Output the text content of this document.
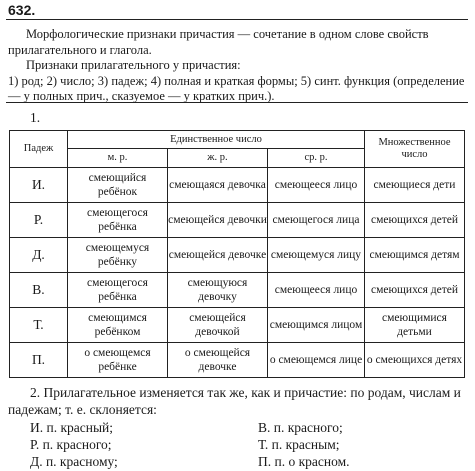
632.

Морфологические признаки причастия — сочетание в одном слове свойств прилагательного и глагола.

Признаки прилагательного у причастия:

1) род; 2) число; 3) падеж; 4) полная и краткая формы; 5) синт. функция (определение — у полных прич., сказуемое — у кратких прич.).

1.
Падеж	Единственное число			Множественное число
	м. р.	ж. р.	ср. р.	
И.	смеющийся ребёнок	смеющаяся девочка	смеющееся лицо	смеющиеся дети
Р.	смеющегося ребёнка	смеющейся девочки	смеющегося лица	смеющихся детей
Д.	смеющемуся ребёнку	смеющейся девочке	смеющемуся лицу	смеющимся детям
В.	смеющегося ребёнка	смеющуюся девочку	смеющееся лицо	смеющихся детей
Т.	смеющимся ребёнком	смеющейся девочкой	смеющимся лицом	смеющимися детьми
П.	о смеющемся ребёнке	о смеющейся девочке	о смеющемся лице	о смеющихся детях

2. Прилагательное изменяется так же, как и причастие: по родам, числам и падежам; т. е. склоняется:

И. п. красный;
Р. п. красного;
Д. п. красному;
В. п. красного;
Т. п. красным;
П. п. о красном.
